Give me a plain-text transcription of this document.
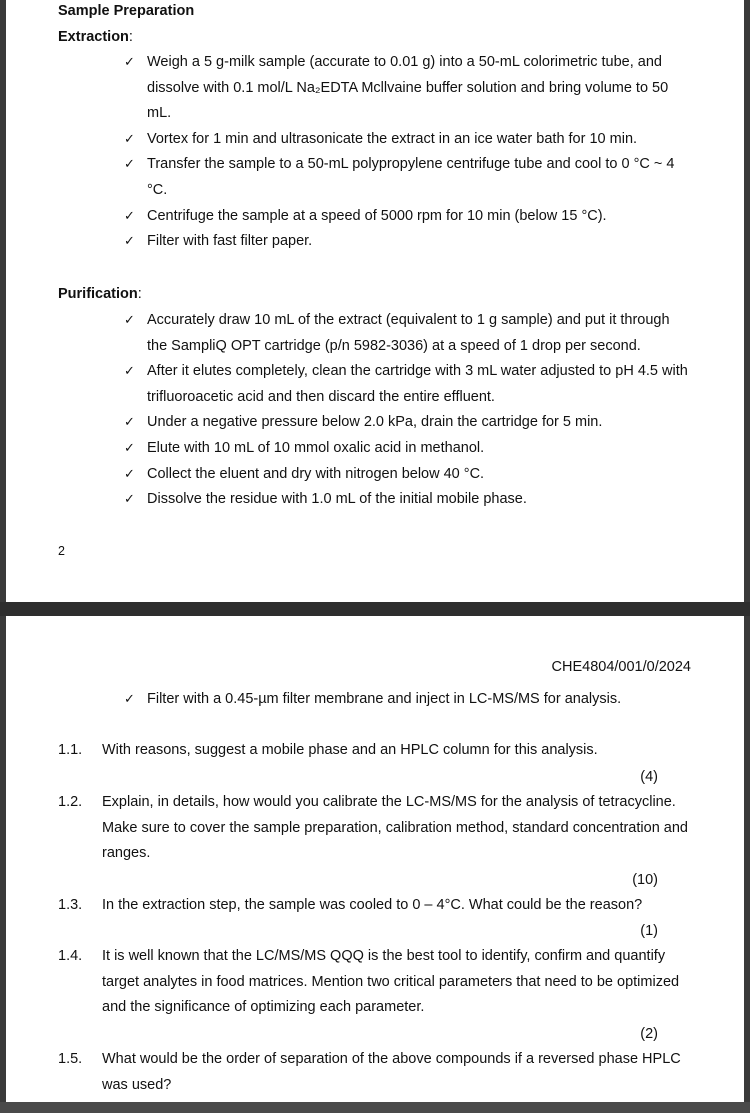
Sample Preparation
Extraction:
✓ Weigh a 5 g-milk sample (accurate to 0.01 g) into a 50-mL colorimetric tube, and dissolve with 0.1 mol/L Na₂EDTA Mcllvaine buffer solution and bring volume to 50 mL.
✓ Vortex for 1 min and ultrasonicate the extract in an ice water bath for 10 min.
✓ Transfer the sample to a 50-mL polypropylene centrifuge tube and cool to 0 °C ~ 4 °C.
✓ Centrifuge the sample at a speed of 5000 rpm for 10 min (below 15 °C).
✓ Filter with fast filter paper.
Purification:
✓ Accurately draw 10 mL of the extract (equivalent to 1 g sample) and put it through the SampliQ OPT cartridge (p/n 5982-3036) at a speed of 1 drop per second.
✓ After it elutes completely, clean the cartridge with 3 mL water adjusted to pH 4.5 with trifluoroacetic acid and then discard the entire effluent.
✓ Under a negative pressure below 2.0 kPa, drain the cartridge for 5 min.
✓ Elute with 10 mL of 10 mmol oxalic acid in methanol.
✓ Collect the eluent and dry with nitrogen below 40 °C.
✓ Dissolve the residue with 1.0 mL of the initial mobile phase.
2
CHE4804/001/0/2024
✓ Filter with a 0.45-µm filter membrane and inject in LC-MS/MS for analysis.
1.1.	With reasons, suggest a mobile phase and an HPLC column for this analysis.
(4)
1.2.	Explain, in details, how would you calibrate the LC-MS/MS for the analysis of tetracycline. Make sure to cover the sample preparation, calibration method, standard concentration and ranges.
(10)
1.3.	In the extraction step, the sample was cooled to 0 – 4°C. What could be the reason?
(1)
1.4.	It is well known that the LC/MS/MS QQQ is the best tool to identify, confirm and quantify target analytes in food matrices. Mention two critical parameters that need to be optimized and the significance of optimizing each parameter.
(2)
1.5.	What would be the order of separation of the above compounds if a reversed phase HPLC was used?
